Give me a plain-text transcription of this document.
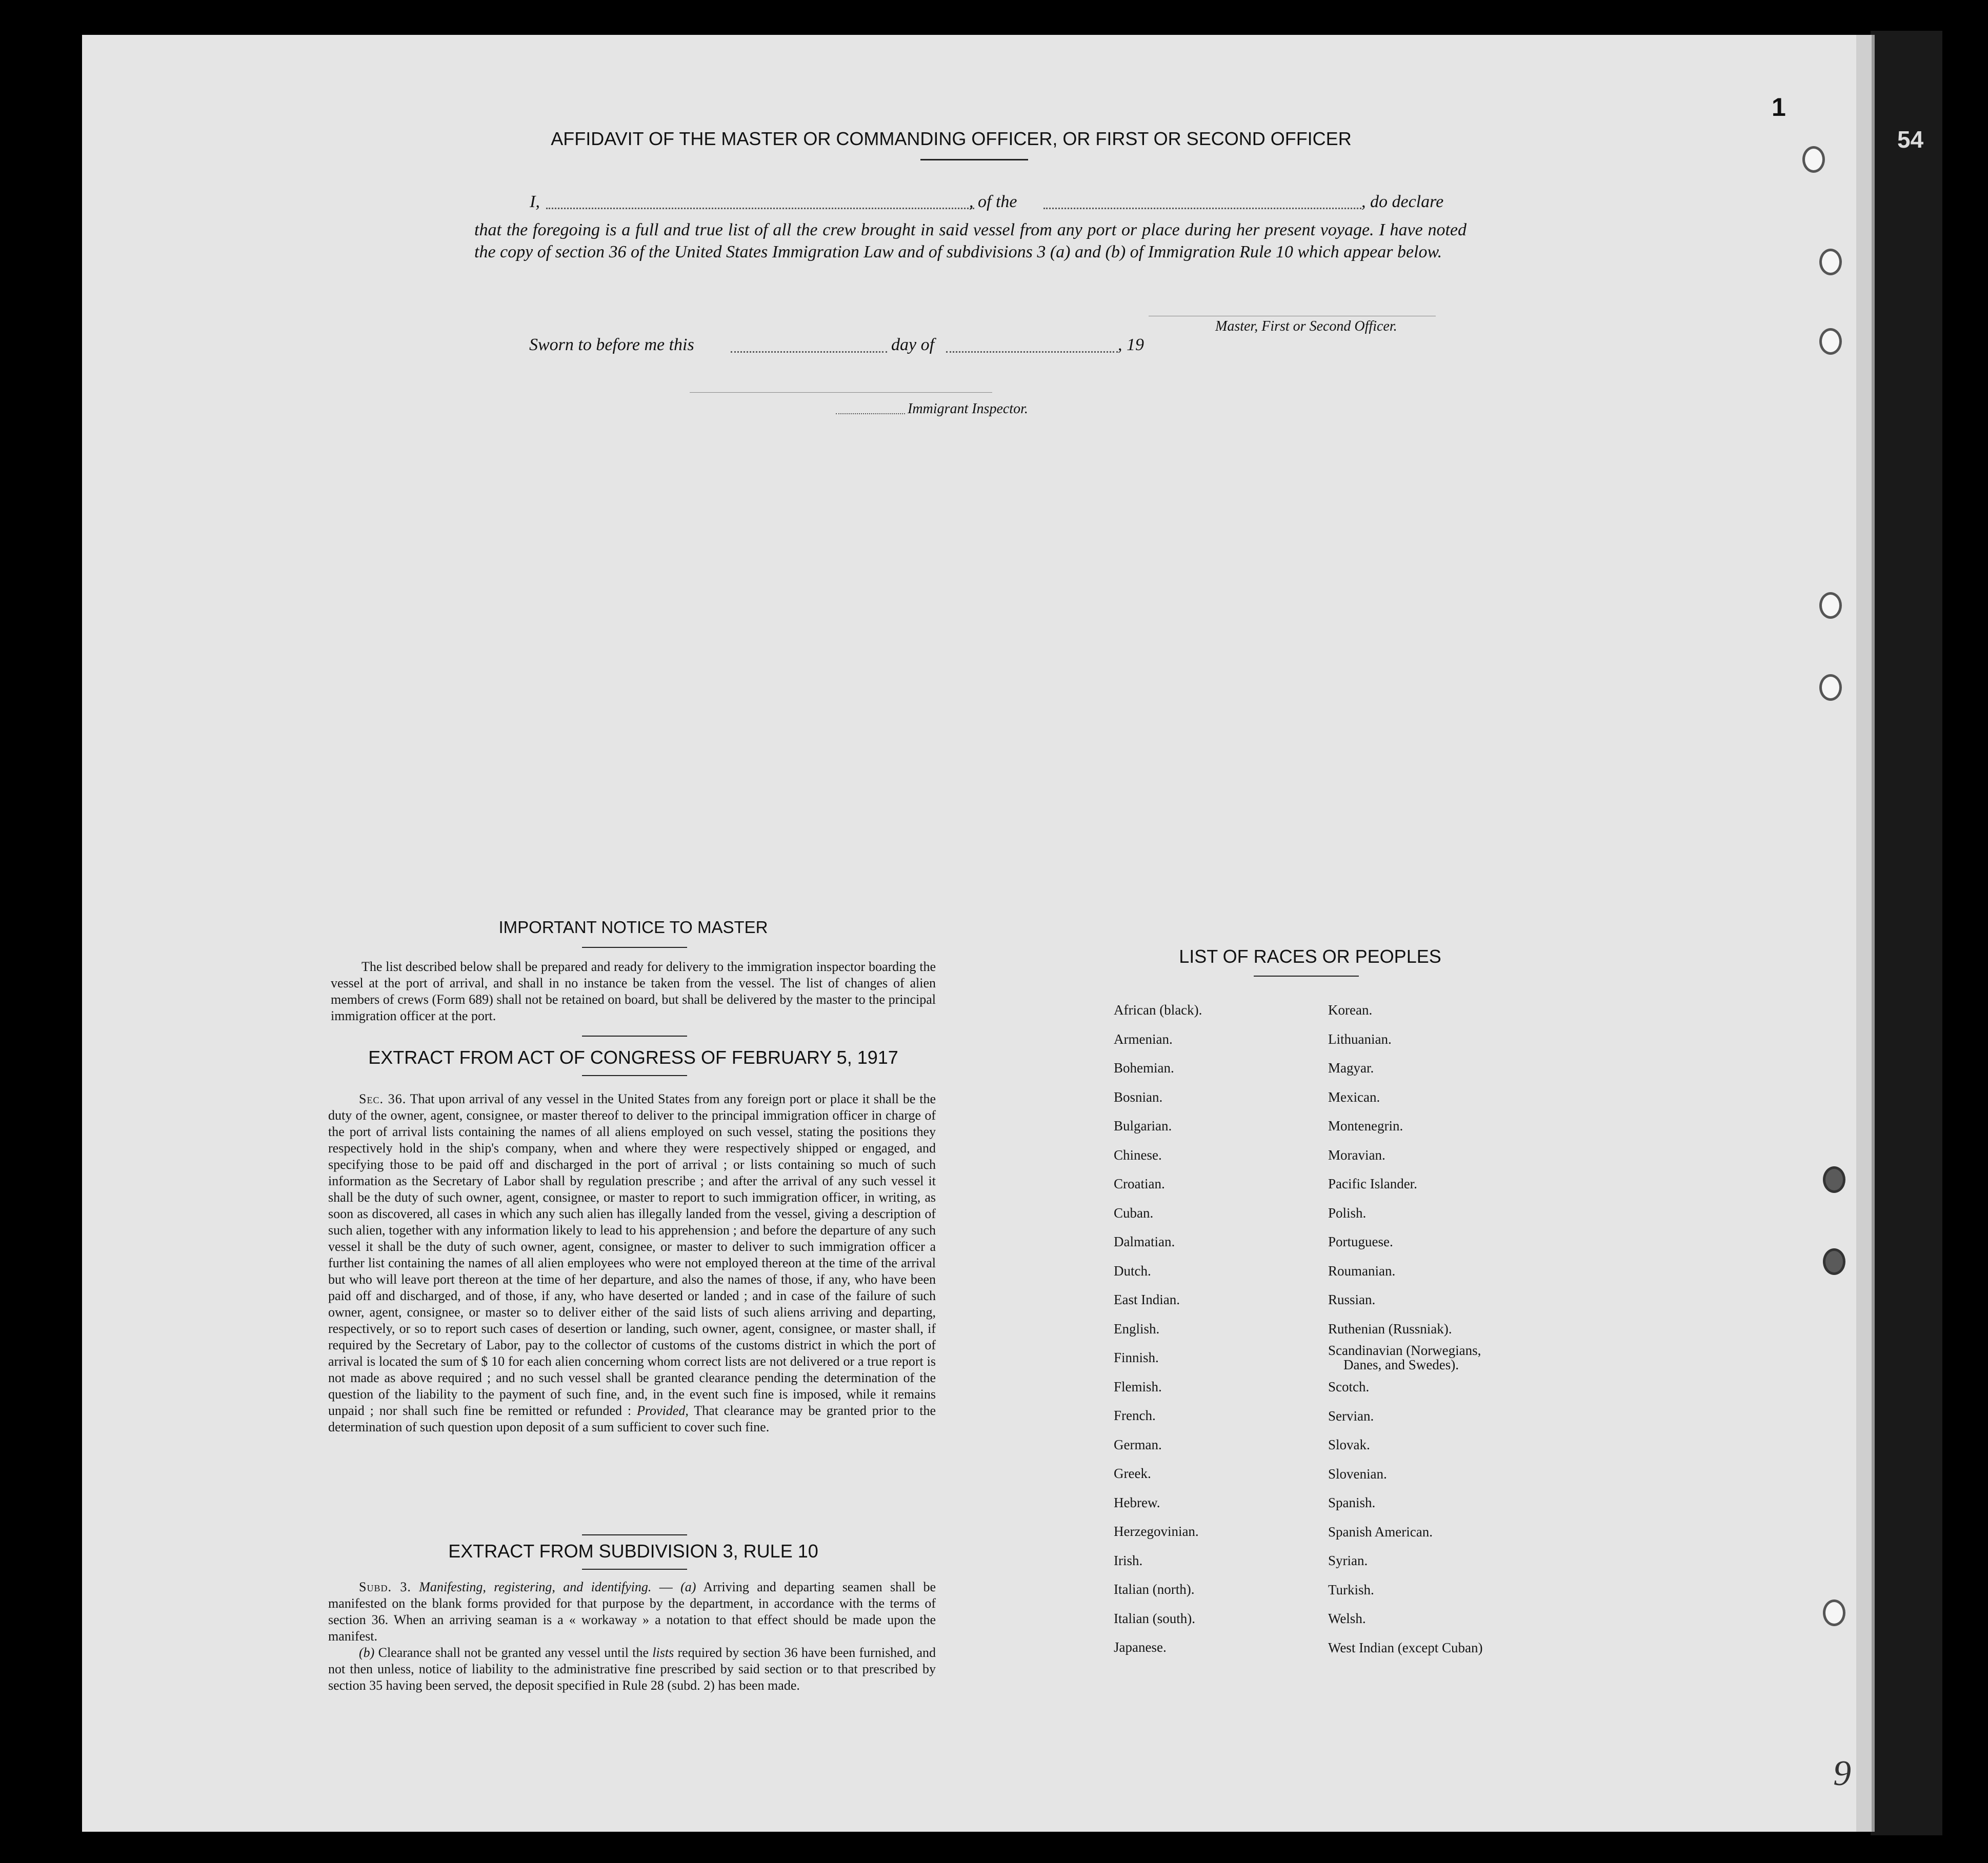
54
1
9
AFFIDAVIT OF THE MASTER OR COMMANDING OFFICER, OR FIRST OR SECOND OFFICER
I,	, of the	, do declare
that the foregoing is a full and true list of all the crew brought in said vessel from any port or place during her present voyage. I have noted the copy of section 36 of the United States Immigration Law and of subdivisions 3 (a) and (b) of Immigration Rule 10 which appear below.
Master, First or Second Officer.
Sworn to before me this	day of	, 19
Immigrant Inspector.
IMPORTANT NOTICE TO MASTER

The list described below shall be prepared and ready for delivery to the immigration inspector boarding the vessel at the port of arrival, and shall in no instance be taken from the vessel. The list of changes of alien members of crews (Form 689) shall not be retained on board, but shall be delivered by the master to the principal immigration officer at the port.

EXTRACT FROM ACT OF CONGRESS OF FEBRUARY 5, 1917

Sec. 36. That upon arrival of any vessel in the United States from any foreign port or place it shall be the duty of the owner, agent, consignee, or master thereof to deliver to the principal immigration officer in charge of the port of arrival lists containing the names of all aliens employed on such vessel, stating the positions they respectively hold in the ship's company, when and where they were respectively shipped or engaged, and specifying those to be paid off and discharged in the port of arrival ; or lists containing so much of such information as the Secretary of Labor shall by regulation prescribe ; and after the arrival of any such vessel it shall be the duty of such owner, agent, consignee, or master to report to such immigration officer, in writing, as soon as discovered, all cases in which any such alien has illegally landed from the vessel, giving a description of such alien, together with any information likely to lead to his apprehension ; and before the departure of any such vessel it shall be the duty of such owner, agent, consignee, or master to deliver to such immigration officer a further list containing the names of all alien employees who were not employed thereon at the time of the arrival but who will leave port thereon at the time of her departure, and also the names of those, if any, who have been paid off and discharged, and of those, if any, who have deserted or landed ; and in case of the failure of such owner, agent, consignee, or master so to deliver either of the said lists of such aliens arriving and departing, respectively, or so to report such cases of desertion or landing, such owner, agent, consignee, or master shall, if required by the Secretary of Labor, pay to the collector of customs of the customs district in which the port of arrival is located the sum of $ 10 for each alien concerning whom correct lists are not delivered or a true report is not made as above required ; and no such vessel shall be granted clearance pending the determination of the question of the liability to the payment of such fine, and, in the event such fine is imposed, while it remains unpaid ; nor shall such fine be remitted or refunded : Provided, That clearance may be granted prior to the determination of such question upon deposit of a sum sufficient to cover such fine.

EXTRACT FROM SUBDIVISION 3, RULE 10

Subd. 3. Manifesting, registering, and identifying. — (a) Arriving and departing seamen shall be manifested on the blank forms provided for that purpose by the department, in accordance with the terms of section 36. When an arriving seaman is a « workaway » a notation to that effect should be made upon the manifest.

(b) Clearance shall not be granted any vessel until the lists required by section 36 have been furnished, and not then unless, notice of liability to the administrative fine prescribed by said section or to that prescribed by section 35 having been served, the deposit specified in Rule 28 (subd. 2) has been made.

LIST OF RACES OR PEOPLES
African (black).
Armenian.
Bohemian.
Bosnian.
Bulgarian.
Chinese.
Croatian.
Cuban.
Dalmatian.
Dutch.
East Indian.
English.
Finnish.
Flemish.
French.
German.
Greek.
Hebrew.
Herzegovinian.
Irish.
Italian (north).
Italian (south).
Japanese.
Korean.
Lithuanian.
Magyar.
Mexican.
Montenegrin.
Moravian.
Pacific Islander.
Polish.
Portuguese.
Roumanian.
Russian.
Ruthenian (Russniak).
Scandinavian (Norwegians,
Danes, and Swedes).
Scotch.
Servian.
Slovak.
Slovenian.
Spanish.
Spanish American.
Syrian.
Turkish.
Welsh.
West Indian (except Cuban)
